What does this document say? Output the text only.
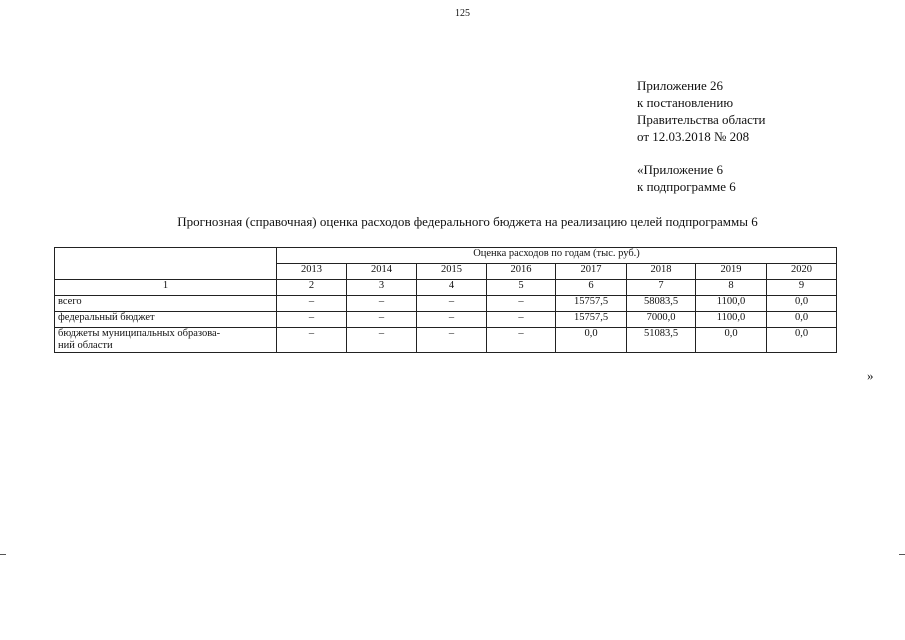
125
Приложение 26
к постановлению
Правительства области
от 12.03.2018 № 208
«Приложение 6
к подпрограмме 6
Прогнозная (справочная) оценка расходов федерального бюджета на реализацию целей подпрограммы 6
	Оценка расходов по годам (тыс. руб.)							
	2013	2014	2015	2016	2017	2018	2019	2020
1	2	3	4	5	6	7	8	9
всего	–	–	–	–	15757,5	58083,5	1100,0	0,0
федеральный бюджет	–	–	–	–	15757,5	7000,0	1100,0	0,0
бюджеты муниципальных образова-
ний области	–	–	–	–	0,0	51083,5	0,0	0,0
»
